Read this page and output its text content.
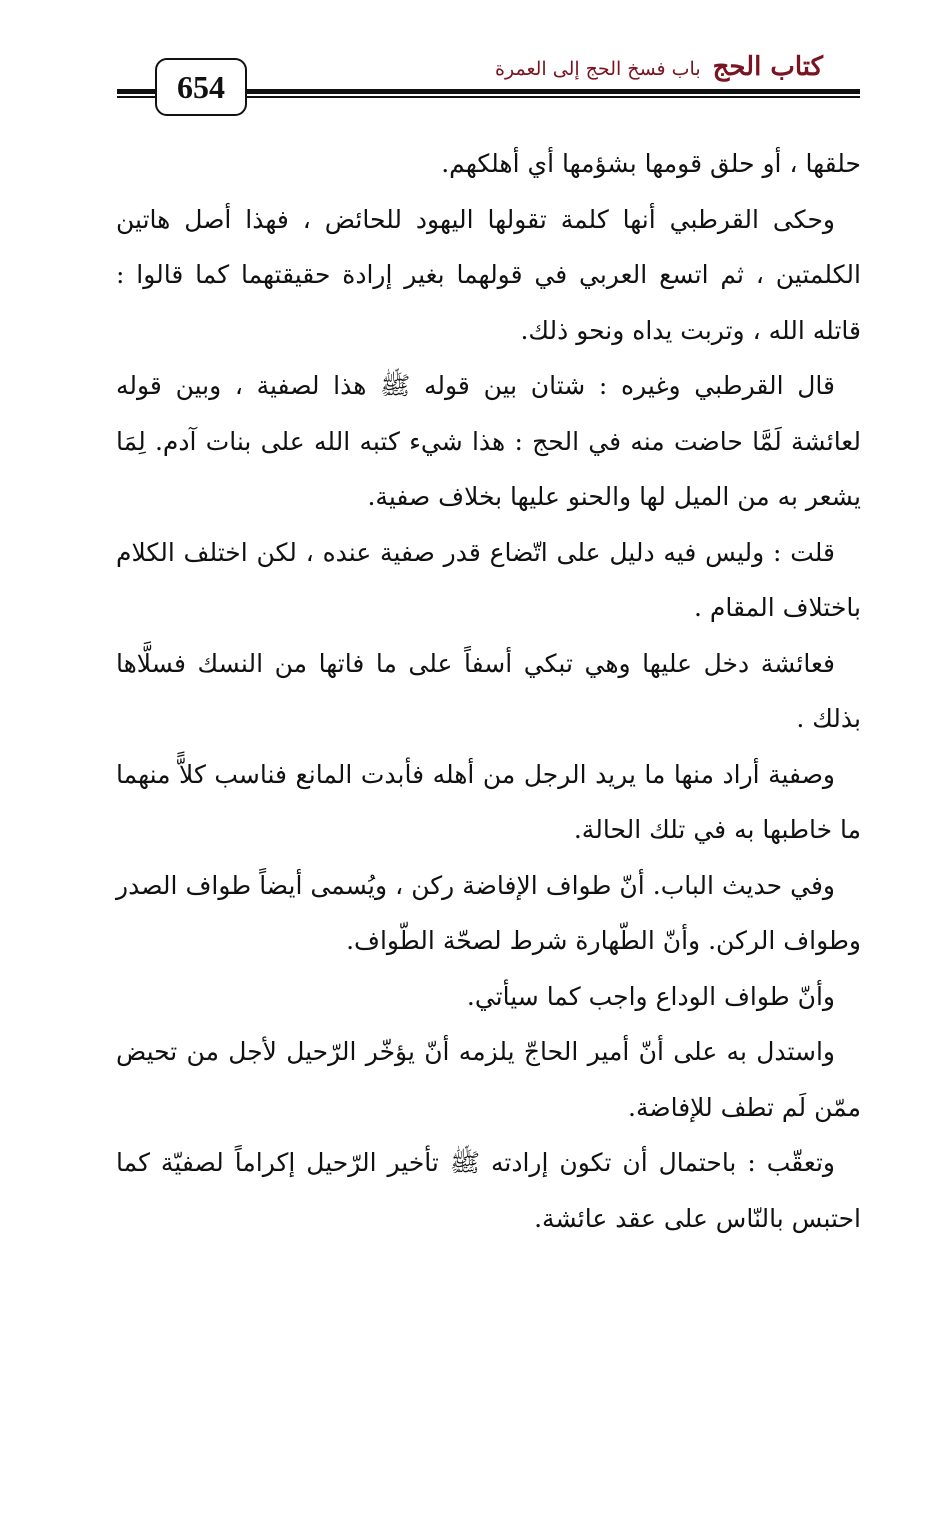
654
كتاب الحج
باب فسخ الحج إلى العمرة

حلقها ، أو حلق قومها بشؤمها أي أهلكهم.

وحكى القرطبي أنها كلمة تقولها اليهود للحائض ، فهذا أصل هاتين الكلمتين ، ثم اتسع العربي في قولهما بغير إرادة حقيقتهما كما قالوا : قاتله الله ، وتربت يداه ونحو ذلك.

قال القرطبي وغيره : شتان بين قوله ﷺ هذا لصفية ، وبين قوله لعائشة لَمَّا حاضت منه في الحج : هذا شيء كتبه الله على بنات آدم. لِمَا يشعر به من الميل لها والحنو عليها بخلاف صفية.

قلت : وليس فيه دليل على اتّضاع قدر صفية عنده ، لكن اختلف الكلام باختلاف المقام .

فعائشة دخل عليها وهي تبكي أسفاً على ما فاتها من النسك فسلَّاها بذلك .

وصفية أراد منها ما يريد الرجل من أهله فأبدت المانع فناسب كلاًّ منهما ما خاطبها به في تلك الحالة.

وفي حديث الباب. أنّ طواف الإفاضة ركن ، ويُسمى أيضاً طواف الصدر وطواف الركن. وأنّ الطّهارة شرط لصحّة الطّواف.

وأنّ طواف الوداع واجب كما سيأتي.

واستدل به على أنّ أمير الحاجّ يلزمه أنّ يؤخّر الرّحيل لأجل من تحيض ممّن لَم تطف للإفاضة.

وتعقّب : باحتمال أن تكون إرادته ﷺ تأخير الرّحيل إكراماً لصفيّة كما احتبس بالنّاس على عقد عائشة.
